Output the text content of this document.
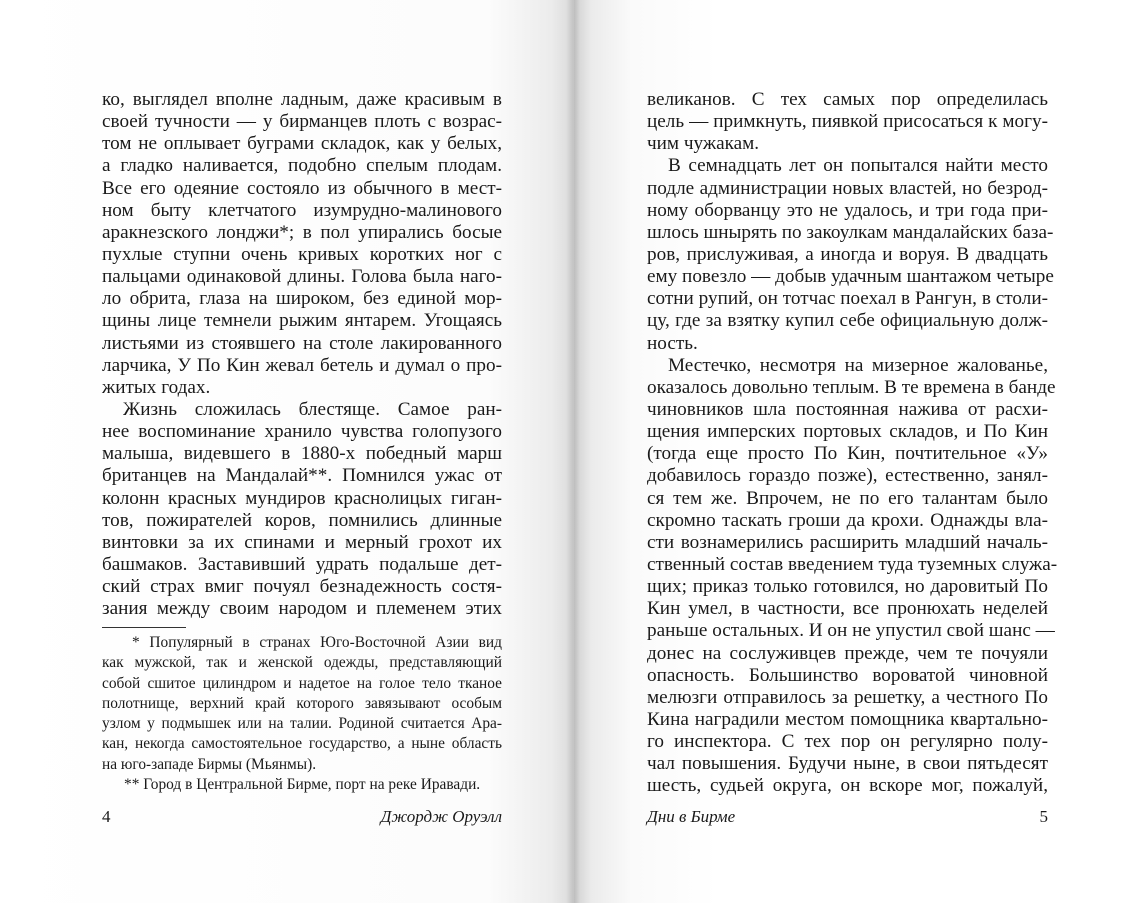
ко, выглядел вполне ладным, даже красивым в
своей тучности — у бирманцев плоть с возрас-
том не оплывает буграми складок, как у белых,
а гладко наливается, подобно спелым плодам.
Все его одеяние состояло из обычного в мест-
ном быту клетчатого изумрудно-малинового
аракнезского лонджи*; в пол упирались босые
пухлые ступни очень кривых коротких ног с
пальцами одинаковой длины. Голова была наго-
ло обрита, глаза на широком, без единой мор-
щины лице темнели рыжим янтарем. Угощаясь
листьями из стоявшего на столе лакированного
ларчика, У По Кин жевал бетель и думал о про-
житых годах.
Жизнь сложилась блестяще. Самое ран-
нее воспоминание хранило чувства голопузого
малыша, видевшего в 1880-х победный марш
британцев на Мандалай**. Помнился ужас от
колонн красных мундиров краснолицых гиган-
тов, пожирателей коров, помнились длинные
винтовки за их спинами и мерный грохот их
башмаков. Заставивший удрать подальше дет-
ский страх вмиг почуял безнадежность состя-
зания между своим народом и племенем этих
* Популярный в странах Юго-Восточной Азии вид
как мужской, так и женской одежды, представляющий
собой сшитое цилиндром и надетое на голое тело тканое
полотнище, верхний край которого завязывают особым
узлом у подмышек или на талии. Родиной считается Ара-
кан, некогда самостоятельное государство, а ныне область
на юго-западе Бирмы (Мьянмы).
** Город в Центральной Бирме, порт на реке Иравади.
4	Джордж Оруэлл
великанов. С тех самых пор определилась
цель — примкнуть, пиявкой присосаться к могу-
чим чужакам.
В семнадцать лет он попытался найти место
подле администрации новых властей, но безрод-
ному оборванцу это не удалось, и три года при-
шлось шнырять по закоулкам мандалайских база-
ров, прислуживая, а иногда и воруя. В двадцать
ему повезло — добыв удачным шантажом четыре
сотни рупий, он тотчас поехал в Рангун, в столи-
цу, где за взятку купил себе официальную долж-
ность.
Местечко, несмотря на мизерное жалованье,
оказалось довольно теплым. В те времена в банде
чиновников шла постоянная нажива от расхи-
щения имперских портовых складов, и По Кин
(тогда еще просто По Кин, почтительное «У»
добавилось гораздо позже), естественно, занял-
ся тем же. Впрочем, не по его талантам было
скромно таскать гроши да крохи. Однажды вла-
сти вознамерились расширить младший началь-
ственный состав введением туда туземных служа-
щих; приказ только готовился, но даровитый По
Кин умел, в частности, все пронюхать неделей
раньше остальных. И он не упустил свой шанс —
донес на сослуживцев прежде, чем те почуяли
опасность. Большинство вороватой чиновной
мелюзги отправилось за решетку, а честного По
Кина наградили местом помощника квартально-
го инспектора. С тех пор он регулярно полу-
чал повышения. Будучи ныне, в свои пятьдесят
шесть, судьей округа, он вскоре мог, пожалуй,
Дни в Бирме	5
